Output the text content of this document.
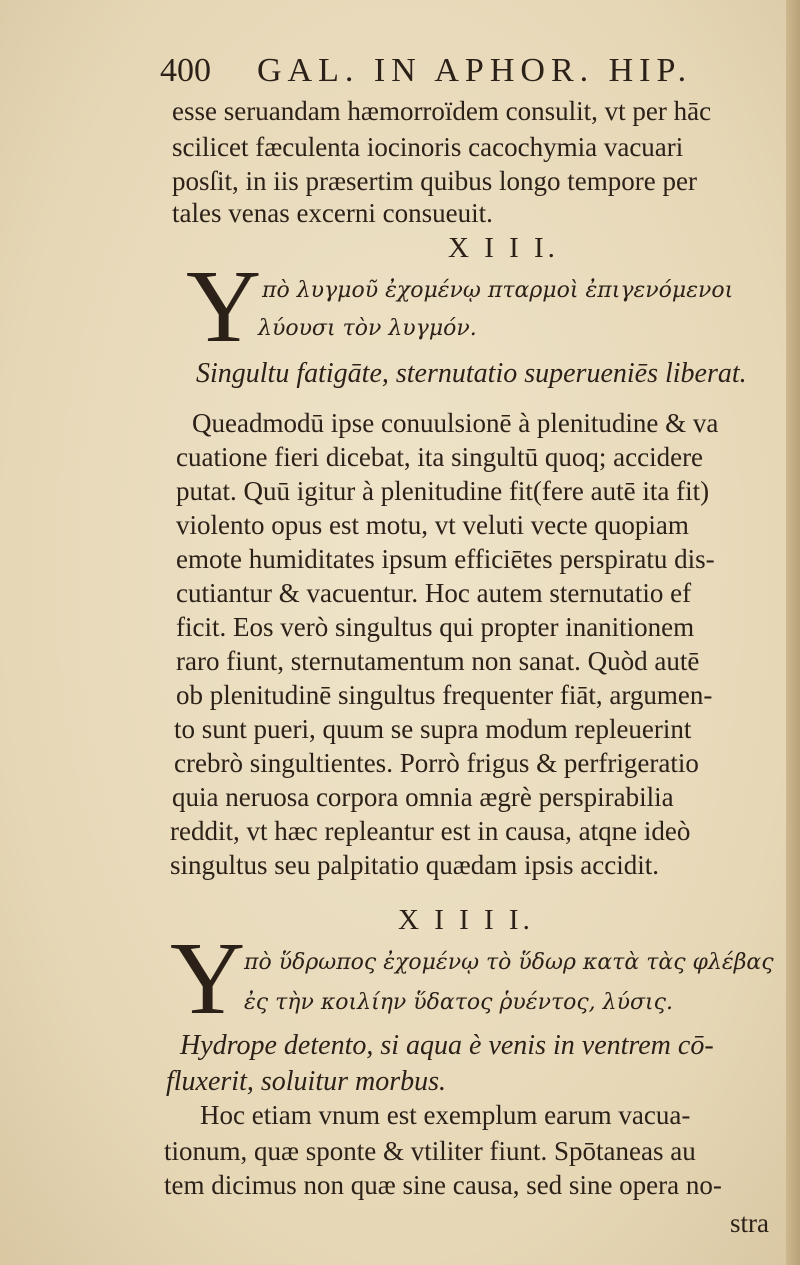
400 GAL. IN APHOR. HIP.
esse seruandam hæmorroïdem consulit, vt per hāc
scilicet fæculenta iocinoris cacochymia vacuari
posſit, in iis præsertim quibus longo tempore per
tales venas excerni consueuit.
X I I I.
Y πὸ λυγμοῦ ἐχομένῳ πταρμοὶ ἐπιγενόμενοι
λύουσι τὸν λυγμόν.
Singultu fatigāte, sternutatio superueniēs liberat.
Queadmodū ipse conuulsionē à plenitudine & va
cuatione fieri dicebat, ita singultū quoq; accidere
putat. Quū igitur à plenitudine fit(fere autē ita fit)
violento opus est motu, vt veluti vecte quopiam
emote humiditates ipsum efficiētes perspiratu dis-
cutiantur & vacuentur. Hoc autem sternutatio ef
ficit. Eos verò singultus qui propter inanitionem
raro fiunt, sternutamentum non sanat. Quòd autē
ob plenitudinē singultus frequenter fiāt, argumen-
to sunt pueri, quum se supra modum repleuerint
crebrò singultientes. Porrò frigus & perfrigeratio
quia neruosa corpora omnia ægrè perspirabilia
reddit, vt hæc repleantur est in causa, atqne ideò
singultus seu palpitatio quædam ipsis accidit.
X I I I I.
Y
πὸ ὕδρωπος ἐχομένῳ τὸ ὕδωρ κατὰ τὰς φλέβας
ἐς τὴν κοιλίην ὕδατος ῥυέντος, λύσις.
Hydrope detento, si aqua è venis in ventrem cō-
fluxerit, soluitur morbus.
Hoc etiam vnum est exemplum earum vacua-
tionum, quæ sponte & vtiliter fiunt. Spōtaneas au
tem dicimus non quæ sine causa, sed sine opera no-
stra
